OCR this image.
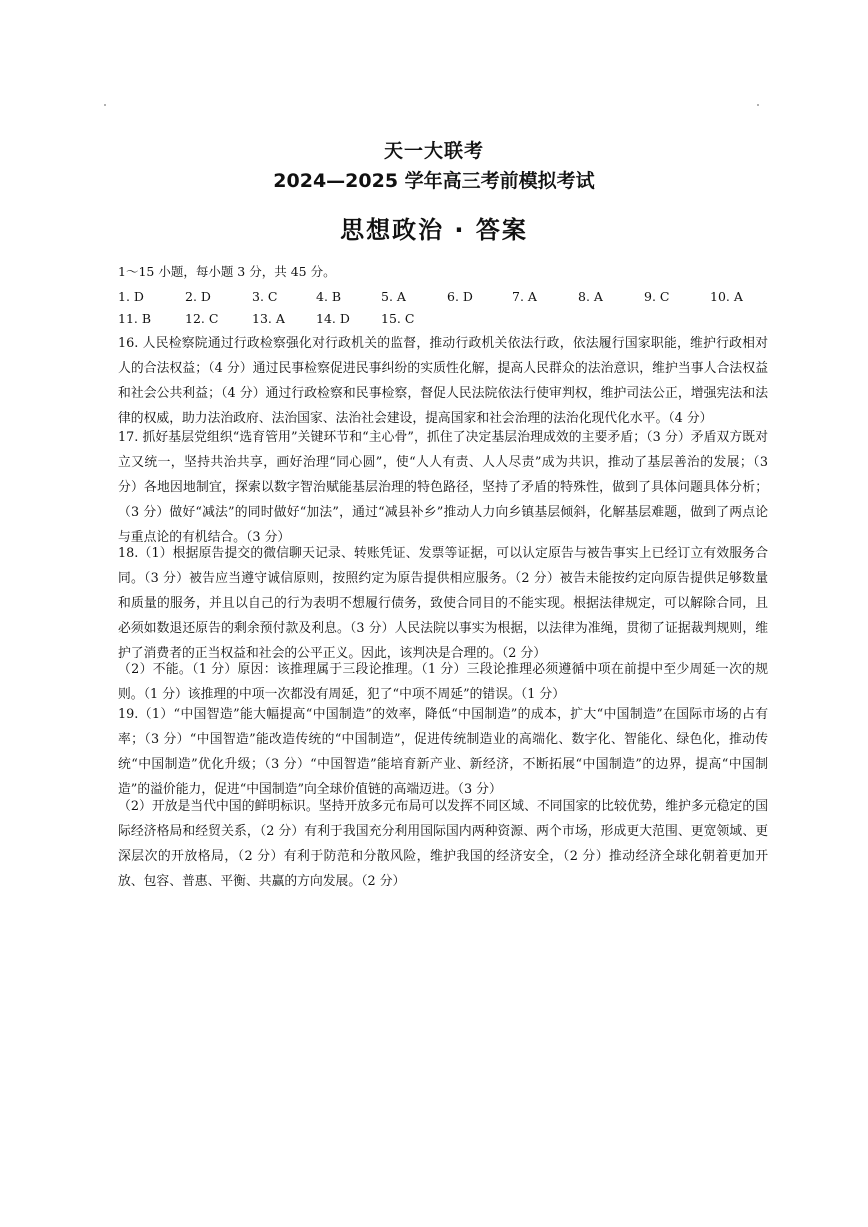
天一大联考
2024—2025 学年高三考前模拟考试
思想政治 · 答案
1～15 小题，每小题 3 分，共 45 分。
1. D	2. D	3. C	4. B	5. A	6. D	7. A	8. A	9. C	10. A
11. B	12. C	13. A 14. D 15. C
16. 人民检察院通过行政检察强化对行政机关的监督，推动行政机关依法行政，依法履行国家职能，维护行政相对人的合法权益；（4 分）通过民事检察促进民事纠纷的实质性化解，提高人民群众的法治意识，维护当事人合法权益和社会公共利益；（4 分）通过行政检察和民事检察，督促人民法院依法行使审判权，维护司法公正，增强宪法和法律的权威，助力法治政府、法治国家、法治社会建设，提高国家和社会治理的法治化现代化水平。（4 分）
17. 抓好基层党组织“选育管用”关键环节和“主心骨”，抓住了决定基层治理成效的主要矛盾；（3 分）矛盾双方既对立又统一，坚持共治共享，画好治理“同心圆”，使“人人有责、人人尽责”成为共识，推动了基层善治的发展；（3 分）各地因地制宜，探索以数字智治赋能基层治理的特色路径，坚持了矛盾的特殊性，做到了具体问题具体分析；（3 分）做好“减法”的同时做好“加法”，通过“减县补乡”推动人力向乡镇基层倾斜，化解基层难题，做到了两点论与重点论的有机结合。（3 分）
18.（1）根据原告提交的微信聊天记录、转账凭证、发票等证据，可以认定原告与被告事实上已经订立有效服务合同。（3 分）被告应当遵守诚信原则，按照约定为原告提供相应服务。（2 分）被告未能按约定向原告提供足够数量和质量的服务，并且以自己的行为表明不想履行债务，致使合同目的不能实现。根据法律规定，可以解除合同，且必须如数退还原告的剩余预付款及利息。（3 分）人民法院以事实为根据，以法律为准绳，贯彻了证据裁判规则，维护了消费者的正当权益和社会的公平正义。因此，该判决是合理的。（2 分）
（2）不能。（1 分）原因：该推理属于三段论推理。（1 分）三段论推理必须遵循中项在前提中至少周延一次的规则。（1 分）该推理的中项一次都没有周延，犯了“中项不周延”的错误。（1 分）
19.（1）“中国智造”能大幅提高“中国制造”的效率，降低“中国制造”的成本，扩大“中国制造”在国际市场的占有率；（3 分）“中国智造”能改造传统的“中国制造”，促进传统制造业的高端化、数字化、智能化、绿色化，推动传统“中国制造”优化升级；（3 分）“中国智造”能培育新产业、新经济，不断拓展“中国制造”的边界，提高“中国制造”的溢价能力，促进“中国制造”向全球价值链的高端迈进。（3 分）
（2）开放是当代中国的鲜明标识。坚持开放多元布局可以发挥不同区域、不同国家的比较优势，维护多元稳定的国际经济格局和经贸关系，（2 分）有利于我国充分利用国际国内两种资源、两个市场，形成更大范围、更宽领域、更深层次的开放格局，（2 分）有利于防范和分散风险，维护我国的经济安全，（2 分）推动经济全球化朝着更加开放、包容、普惠、平衡、共赢的方向发展。（2 分）
